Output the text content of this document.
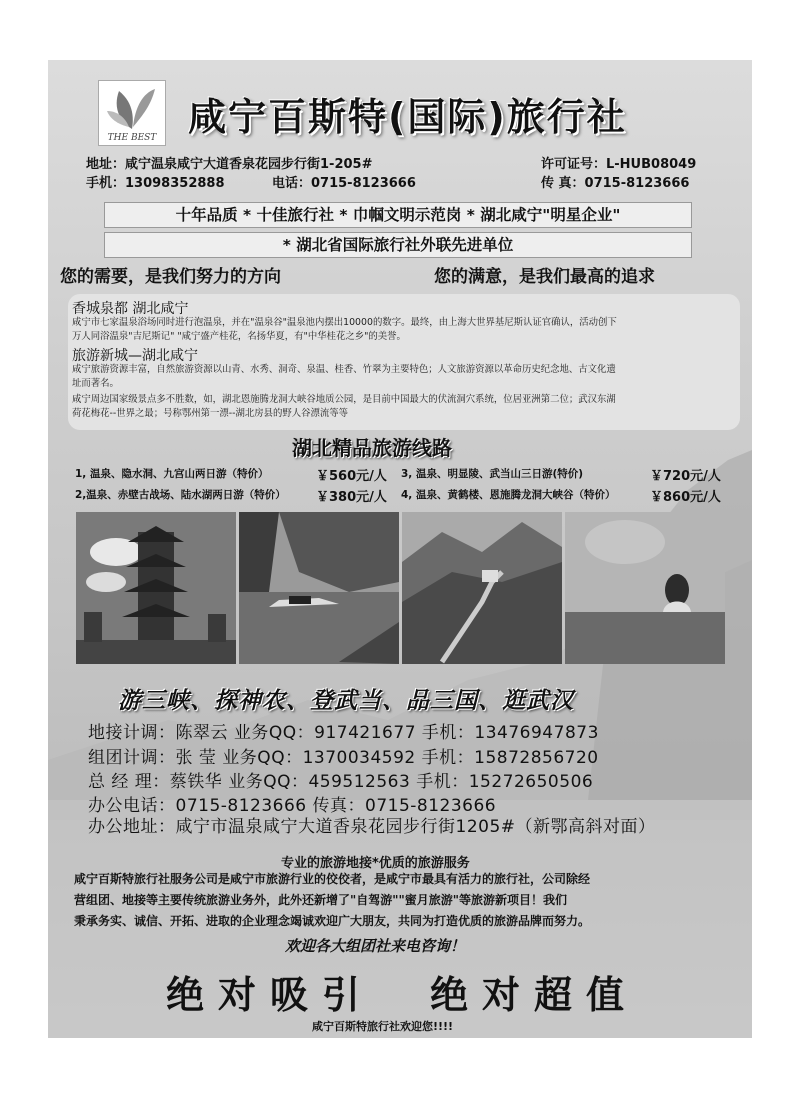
THE BEST 咸宁百斯特(国际)旅行社
地址：咸宁温泉咸宁大道香泉花园步行街1-205#	许可证号：L-HUB08049
手机：13098352888	电话：0715-8123666	传 真：0715-8123666
十年品质 * 十佳旅行社 * 巾帼文明示范岗 * 湖北咸宁"明星企业"
* 湖北省国际旅行社外联先进单位
您的需要，是我们努力的方向	您的满意，是我们最高的追求
香城泉都 湖北咸宁
咸宁市七家温泉浴场同时进行泡温泉，并在"温泉谷"温泉池内摆出10000的数字。最终，由上海大世界基尼斯认证官确认，活动创下
万人同浴温泉"吉尼斯记" "咸宁盛产桂花，名扬华夏，有"中华桂花之乡"的美誉。
旅游新城—湖北咸宁
咸宁旅游资源丰富，自然旅游资源以山青、水秀、洞奇、泉温、桂香、竹翠为主要特色；人文旅游资源以革命历史纪念地、古文化遗
址而著名。
咸宁周边国家级景点多不胜数，如，湖北恩施腾龙洞大峡谷地质公园，是目前中国最大的伏流洞穴系统，位居亚洲第二位；武汉东湖
荷花梅花--世界之最；号称鄂州第一漂--湖北房县的野人谷漂流等等
湖北精品旅游线路
1, 温泉、隐水洞、九宫山两日游（特价）	￥560元/人 3, 温泉、明显陵、武当山三日游(特价)	￥720元/人
2,温泉、赤壁古战场、陆水湖两日游（特价） ￥380元/人 4, 温泉、黄鹤楼、恩施腾龙洞大峡谷（特价）	￥860元/人
游三峡、探神农、登武当、品三国、逛武汉
地接计调：陈翠云 业务QQ：917421677 手机：13476947873
组团计调：张 莹 业务QQ：1370034592 手机：15872856720
总 经 理：蔡铁华 业务QQ：459512563 手机：15272650506
办公电话：0715-8123666 传真：0715-8123666
办公地址：咸宁市温泉咸宁大道香泉花园步行街1205#（新鄂高斜对面）
专业的旅游地接*优质的旅游服务
咸宁百斯特旅行社服务公司是咸宁市旅游行业的佼佼者，是咸宁市最具有活力的旅行社，公司除经
营组团、地接等主要传统旅游业务外，此外还新增了"自驾游""蜜月旅游"等旅游新项目！我们
秉承务实、诚信、开拓、进取的企业理念竭诚欢迎广大朋友，共同为打造优质的旅游品牌而努力。
欢迎各大组团社来电咨询！
绝对吸引 绝对超值
咸宁百斯特旅行社欢迎您!!!!
